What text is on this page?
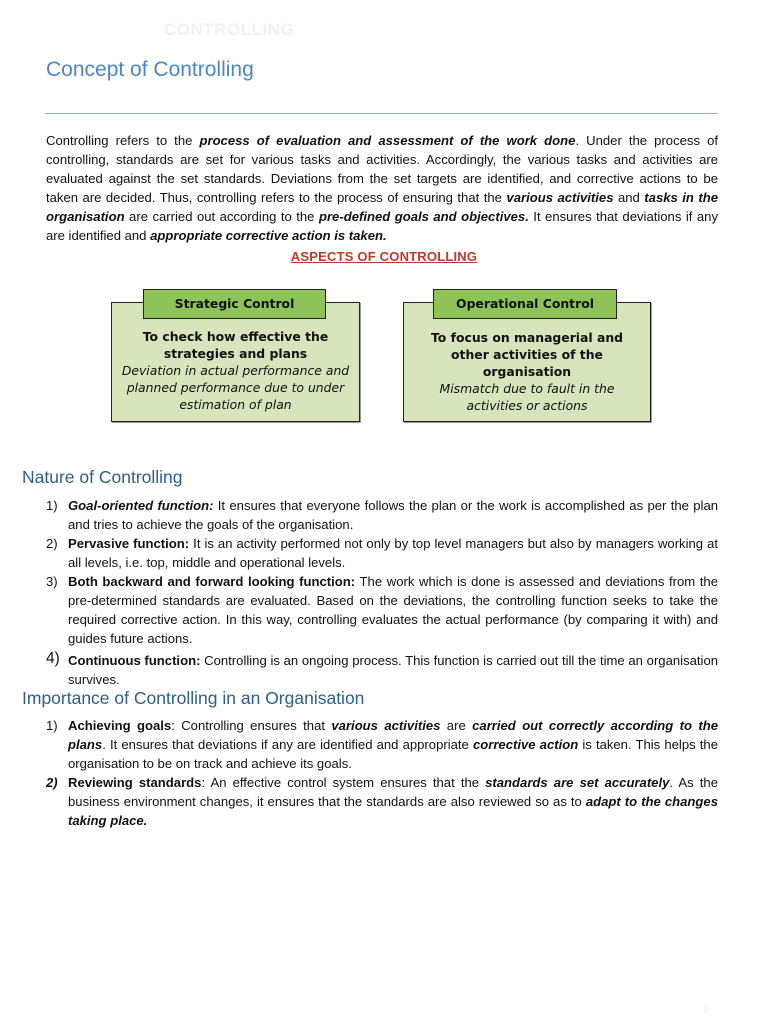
CONTROLLING
Concept of Controlling

Controlling refers to the process of evaluation and assessment of the work done. Under the process of controlling, standards are set for various tasks and activities. Accordingly, the various tasks and activities are evaluated against the set standards. Deviations from the set targets are identified, and corrective actions to be taken are decided. Thus, controlling refers to the process of ensuring that the various activities and tasks in the organisation are carried out according to the pre-defined goals and objectives. It ensures that deviations if any are identified and appropriate corrective action is taken.

ASPECTS OF CONTROLLING
To check how effective the strategies and plans
Deviation in actual performance and planned performance due to under estimation of plan
Strategic Control
To focus on managerial and other activities of the organisation
Mismatch due to fault in the activities or actions
Operational Control
Nature of Controlling
1) Goal-oriented function: It ensures that everyone follows the plan or the work is accomplished as per the plan and tries to achieve the goals of the organisation.
2) Pervasive function: It is an activity performed not only by top level managers but also by managers working at all levels, i.e. top, middle and operational levels.
3) Both backward and forward looking function: The work which is done is assessed and deviations from the pre-determined standards are evaluated. Based on the deviations, the controlling function seeks to take the required corrective action. In this way, controlling evaluates the actual performance (by comparing it with) and guides future actions.
4) Continuous function: Controlling is an ongoing process. This function is carried out till the time an organisation survives.
Importance of Controlling in an Organisation
1) Achieving goals: Controlling ensures that various activities are carried out correctly according to the plans. It ensures that deviations if any are identified and appropriate corrective action is taken. This helps the organisation to be on track and achieve its goals.
2) Reviewing standards: An effective control system ensures that the standards are set accurately. As the business environment changes, it ensures that the standards are also reviewed so as to adapt to the changes taking place.
1
